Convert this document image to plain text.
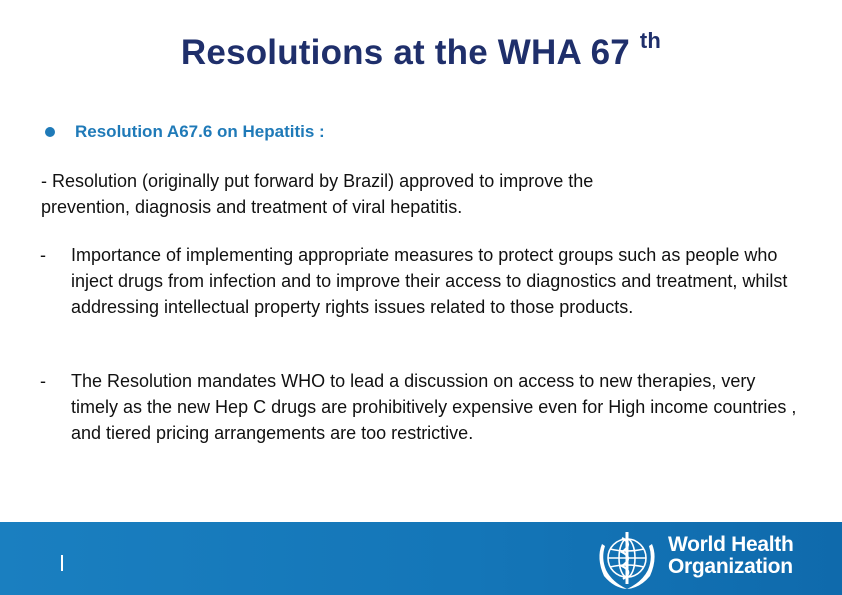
Resolutions at the WHA 67 $^{th}$
Resolution A67.6 on Hepatitis :
- Resolution (originally put forward by Brazil) approved to improve the
prevention, diagnosis and treatment of viral hepatitis.
-	Importance of implementing appropriate measures to protect groups such as people who inject drugs from infection and to improve their access to diagnostics and treatment, whilst addressing intellectual property rights issues related to those products.
-	The Resolution mandates WHO to lead a discussion on access to new therapies, very timely as the new Hep C drugs are prohibitively expensive even for High income countries , and tiered pricing arrangements are too restrictive.
World Health
Organization
